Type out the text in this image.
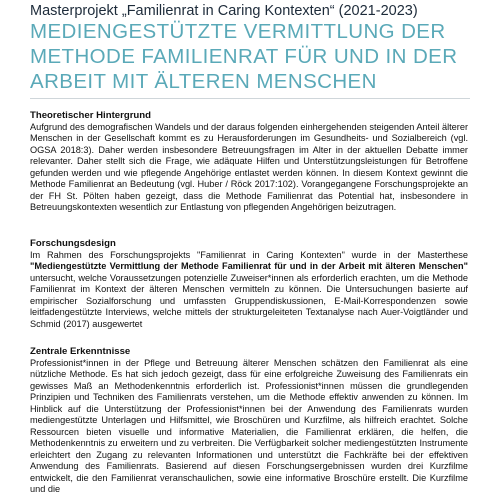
Masterprojekt „Familienrat in Caring Kontexten“ (2021-2023)
MEDIENGESTÜTZTE VERMITTLUNG DER
METHODE FAMILIENRAT FÜR UND IN DER
ARBEIT MIT ÄLTEREN MENSCHEN

Theoretischer Hintergrund

Aufgrund des demografischen Wandels und der daraus folgenden einhergehenden steigenden Anteil älterer Menschen in der Gesellschaft kommt es zu Herausforderungen im Gesundheits- und Sozialbereich (vgl. OGSA 2018:3). Daher werden insbesondere Betreuungsfragen im Alter in der aktuellen Debatte immer relevanter. Daher stellt sich die Frage, wie adäquate Hilfen und Unterstützungsleistungen für Betroffene gefunden werden und wie pflegende Angehörige entlastet werden können. In diesem Kontext gewinnt die Methode Familienrat an Bedeutung (vgl. Huber / Röck 2017:102). Vorangegangene Forschungsprojekte an der FH St. Pölten haben gezeigt, dass die Methode Familienrat das Potential hat, insbesondere in Betreuungskontexten wesentlich zur Entlastung von pflegenden Angehörigen beizutragen.

Forschungsdesign

Im Rahmen des Forschungsprojekts "Familienrat in Caring Kontexten" wurde in der Masterthese "Mediengestützte Vermittlung der Methode Familienrat für und in der Arbeit mit älteren Menschen" untersucht, welche Voraussetzungen potenzielle Zuweiser*innen als erforderlich erachten, um die Methode Familienrat im Kontext der älteren Menschen vermitteln zu können. Die Untersuchungen basierte auf empirischer Sozialforschung und umfassten Gruppendiskussionen, E-Mail-Korrespondenzen sowie leitfadengestützte Interviews, welche mittels der strukturgeleiteten Textanalyse nach Auer-Voigtländer und Schmid (2017) ausgewertet

Zentrale Erkenntnisse

Professionist*innen in der Pflege und Betreuung älterer Menschen schätzen den Familienrat als eine nützliche Methode. Es hat sich jedoch gezeigt, dass für eine erfolgreiche Zuweisung des Familienrats ein gewisses Maß an Methodenkenntnis erforderlich ist. Professionist*innen müssen die grundlegenden Prinzipien und Techniken des Familienrats verstehen, um die Methode effektiv anwenden zu können. Im Hinblick auf die Unterstützung der Professionist*innen bei der Anwendung des Familienrats wurden mediengestützte Unterlagen und Hilfsmittel, wie Broschüren und Kurzfilme, als hilfreich erachtet. Solche Ressourcen bieten visuelle und informative Materialien, die Familienrat erklären, die helfen, die Methodenkenntnis zu erweitern und zu verbreiten. Die Verfügbarkeit solcher mediengestützten Instrumente erleichtert den Zugang zu relevanten Informationen und unterstützt die Fachkräfte bei der effektiven Anwendung des Familienrats. Basierend auf diesen Forschungsergebnissen wurden drei Kurzfilme entwickelt, die den Familienrat veranschaulichen, sowie eine informative Broschüre erstellt. Die Kurzfilme und die
